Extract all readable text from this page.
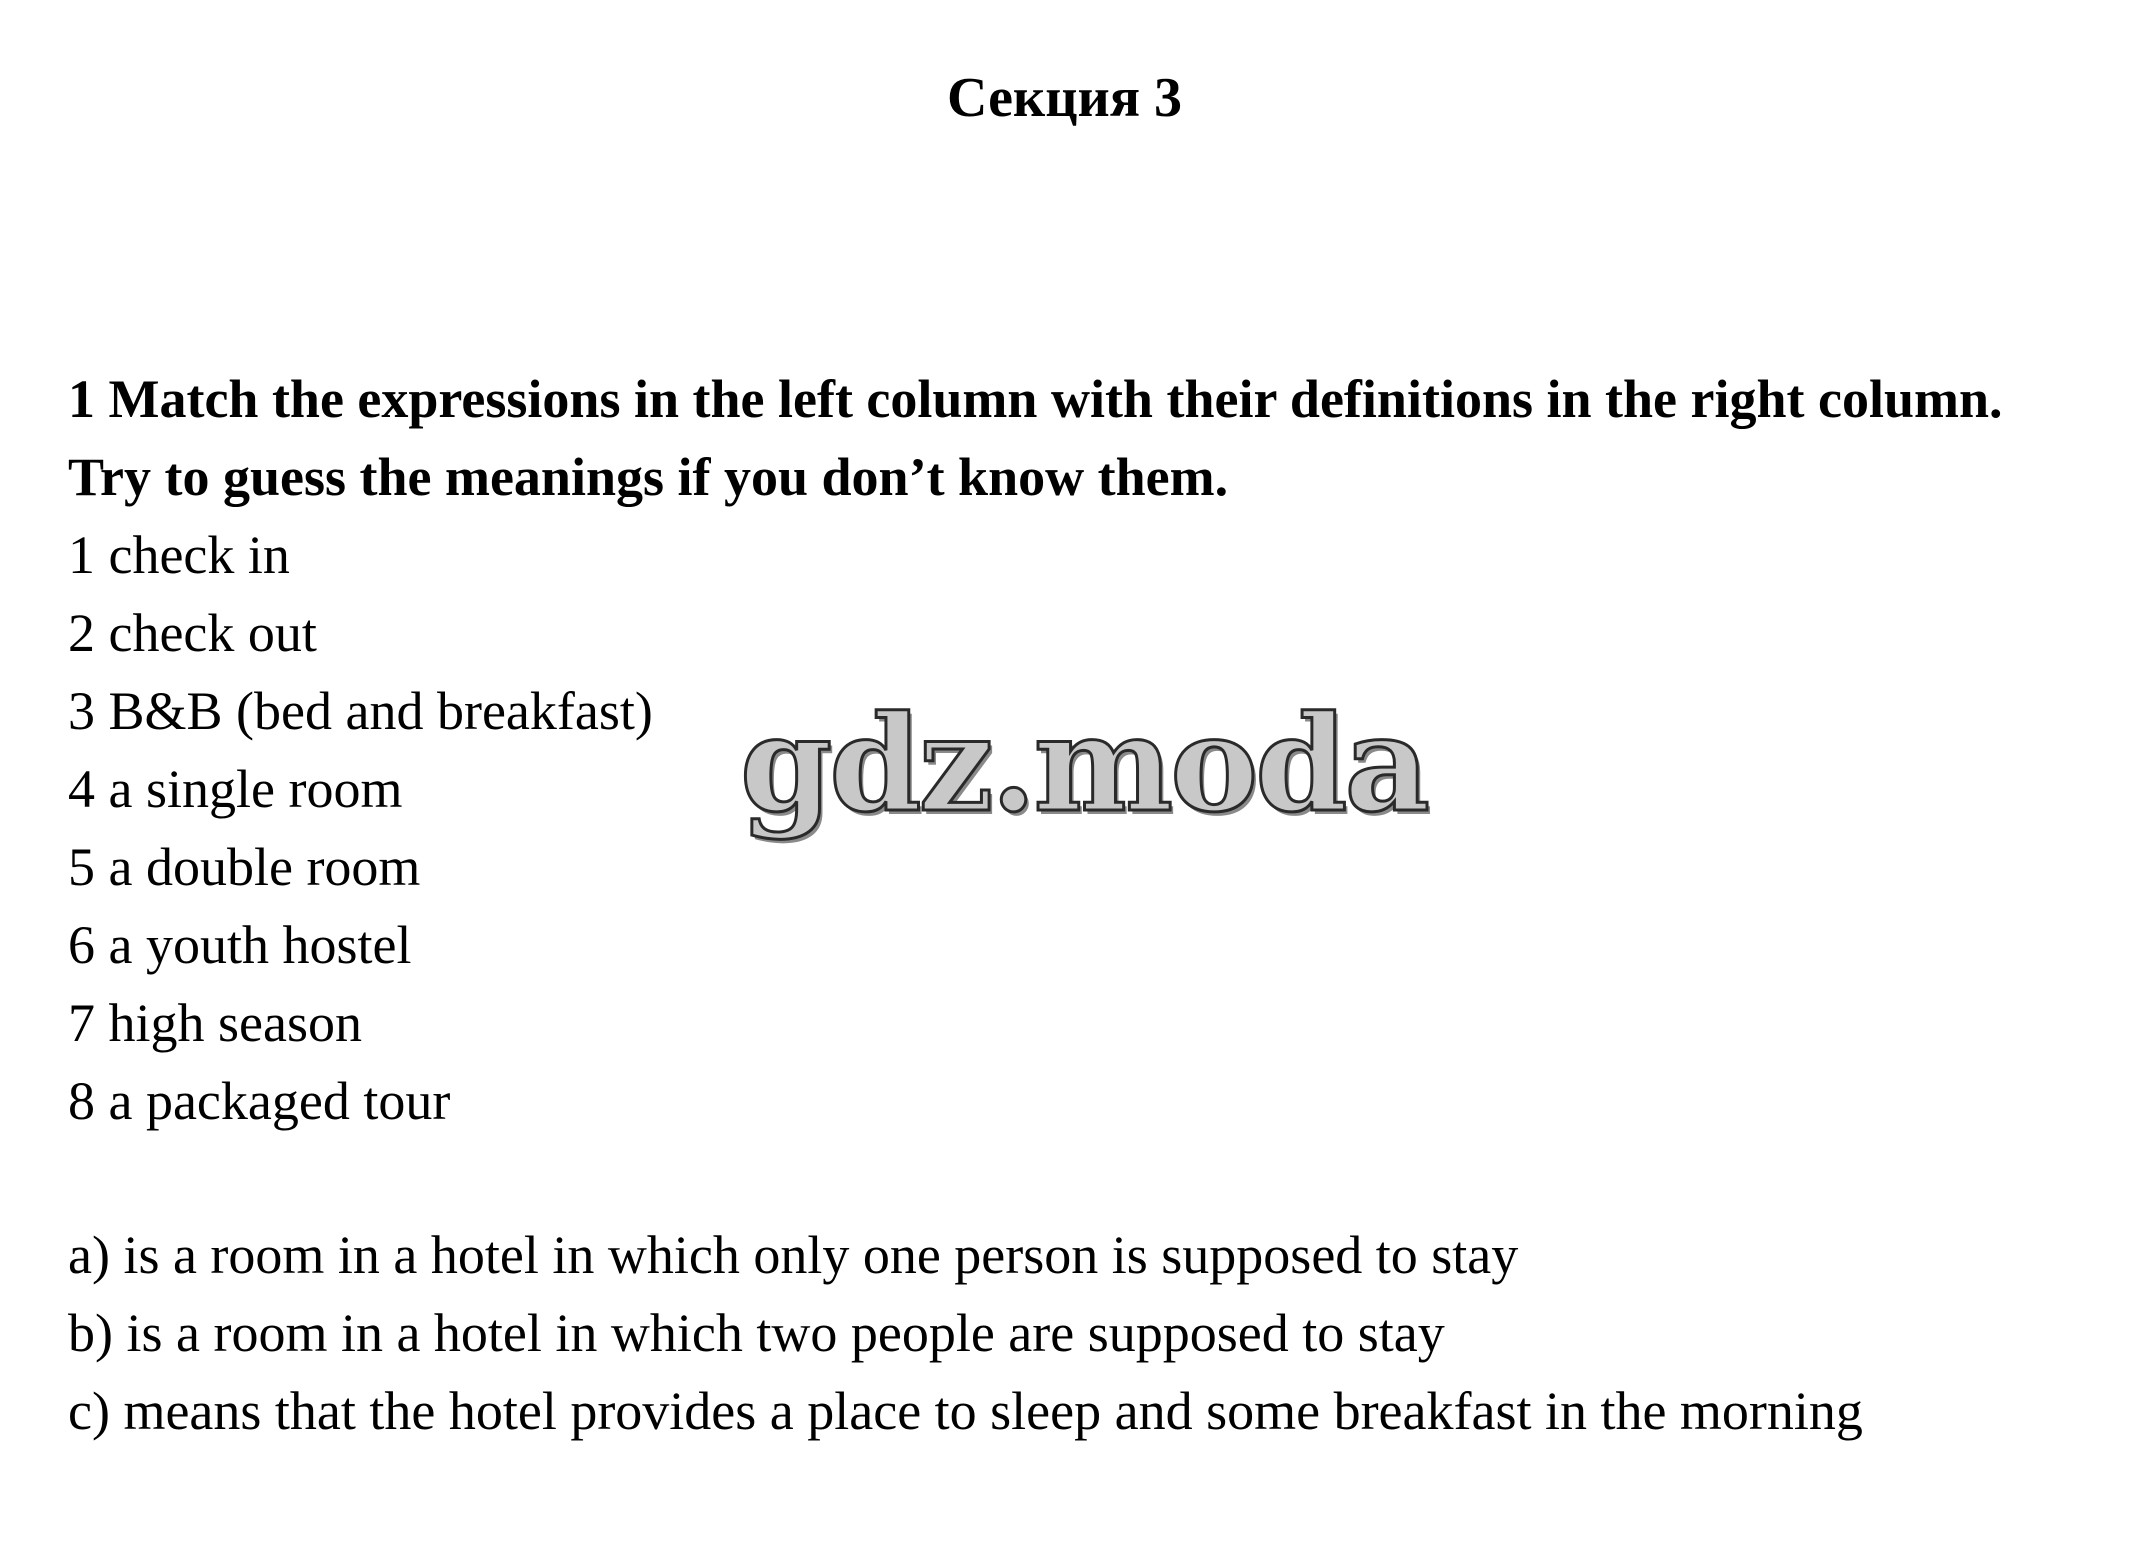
Секция 3
1 Match the expressions in the left column with their definitions in the right column. Try to guess the meanings if you don’t know them.
1 check in
2 check out
3 B&B (bed and breakfast)
4 a single room
5 a double room
6 a youth hostel
7 high season
8 a packaged tour
a) is a room in a hotel in which only one person is supposed to stay
b) is a room in a hotel in which two people are supposed to stay
c) means that the hotel provides a place to sleep and some breakfast in the morning
gdz.moda
